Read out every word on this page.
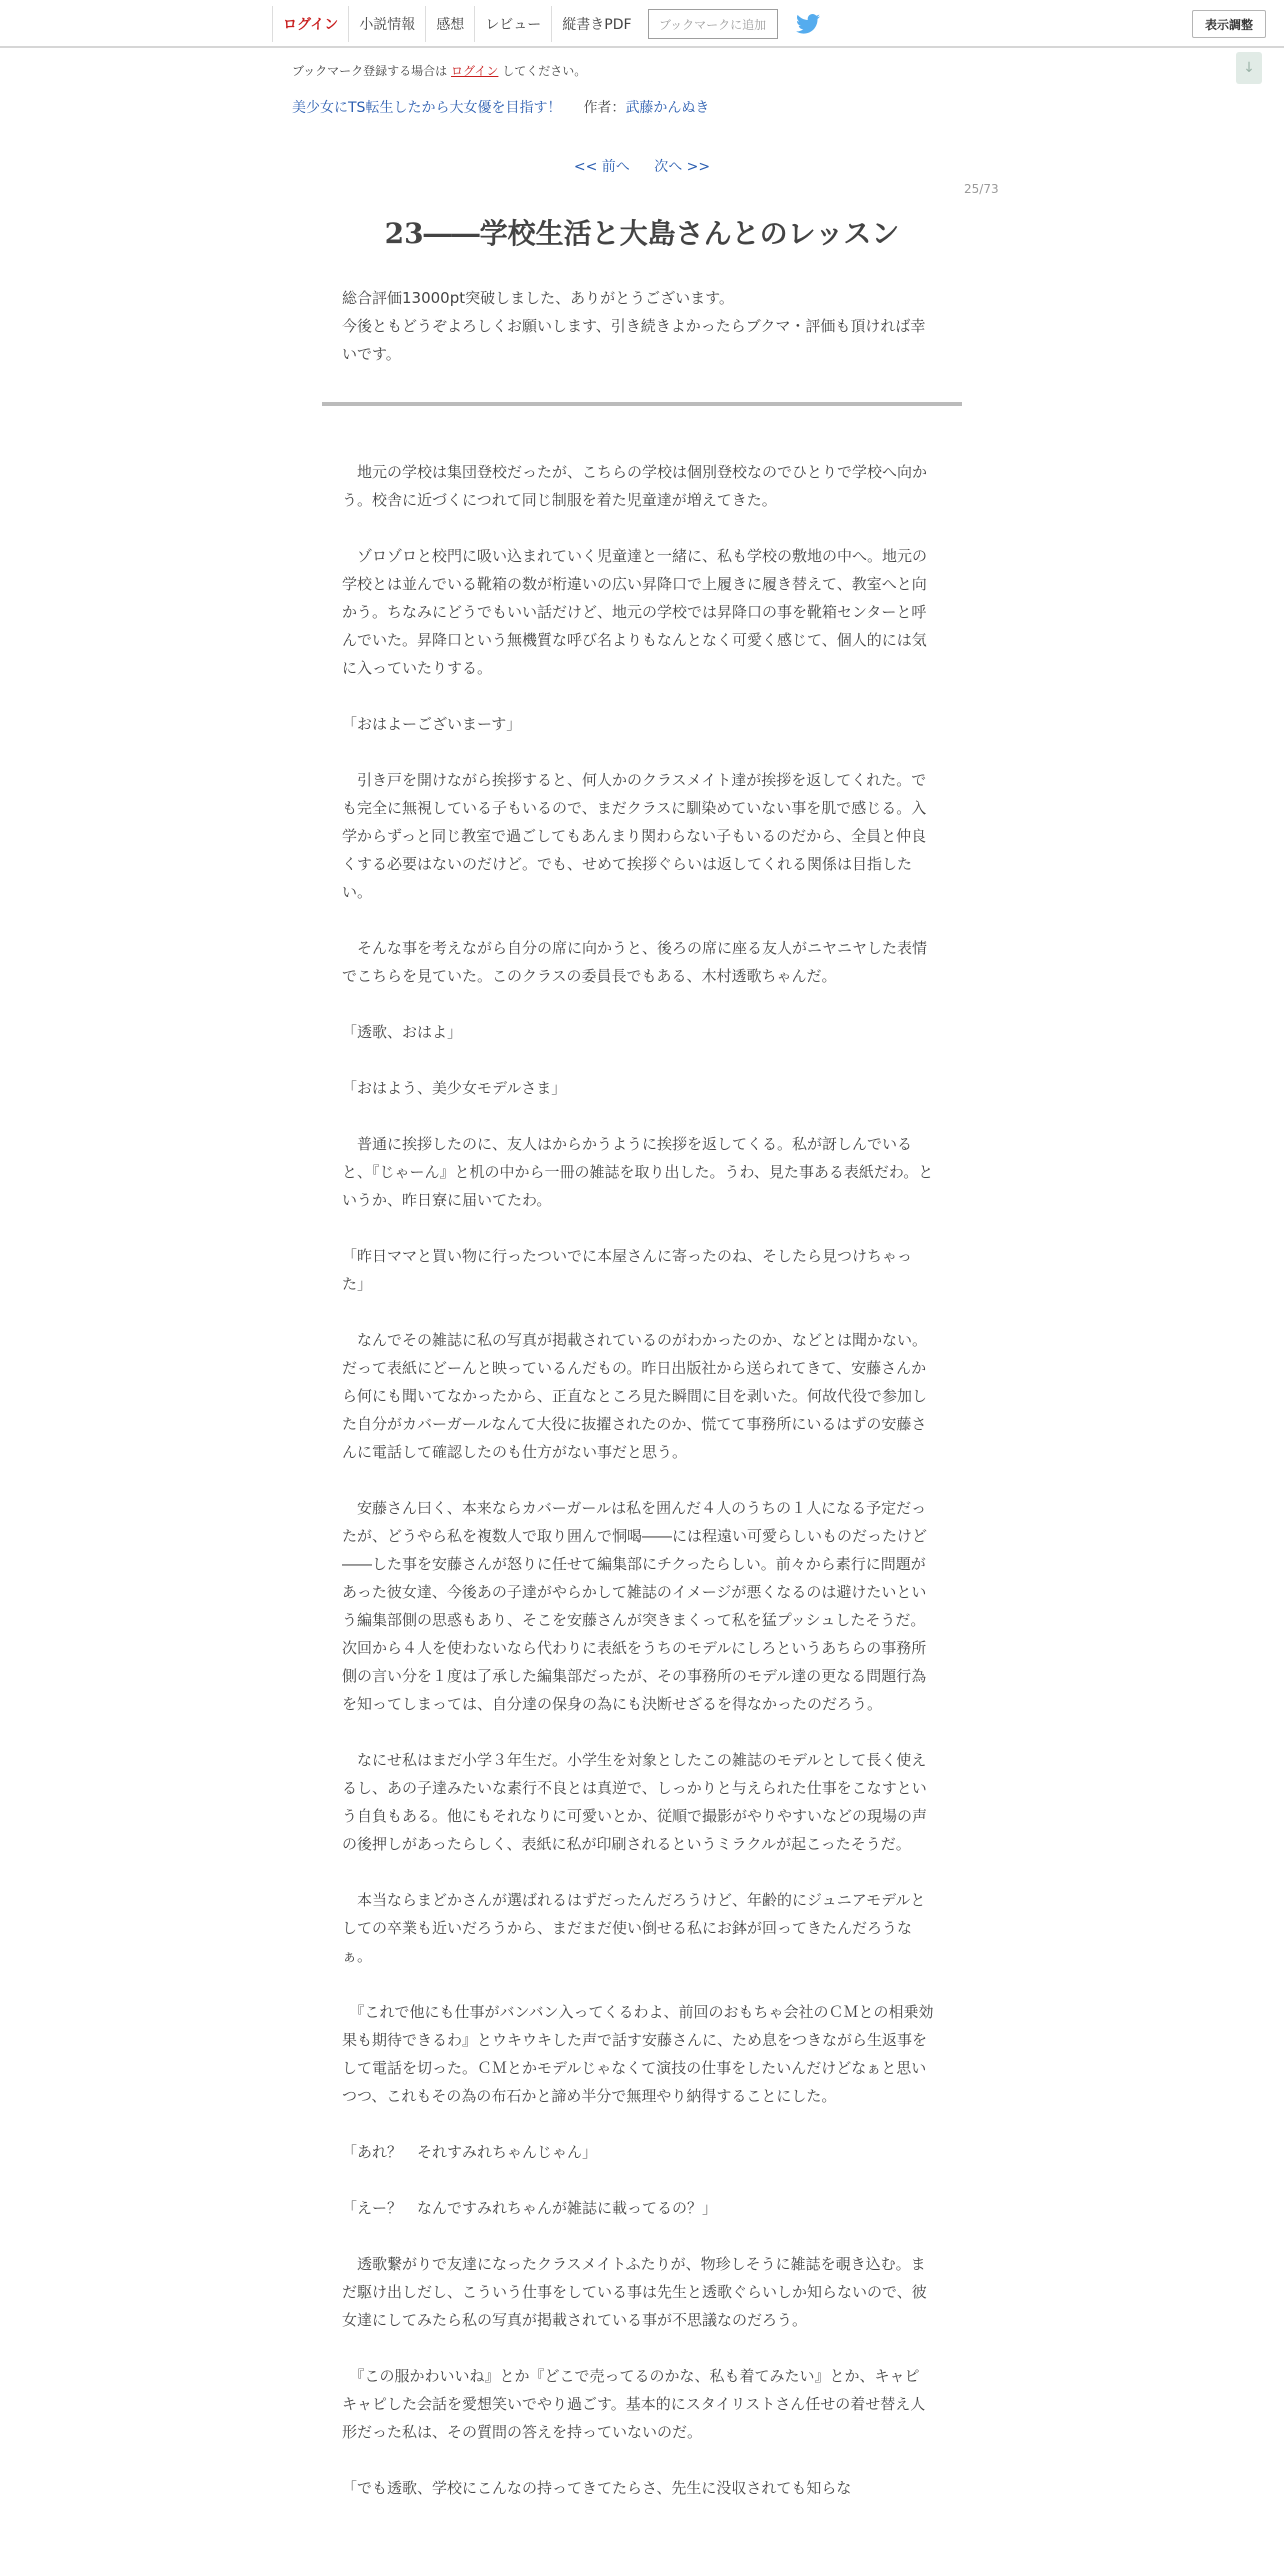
ログイン	小説情報	感想	レビュー	縦書きPDF	ブックマークに追加	表示調整
↓
ブックマーク登録する場合は ログイン してください。
美少女にTS転生したから大女優を目指す！ 作者： 武藤かんぬき
<< 前へ 次へ >>
25/73
23――学校生活と大島さんとのレッスン

総合評価13000pt突破しました、ありがとうございます。

今後ともどうぞよろしくお願いします、引き続きよかったらブクマ・評価も頂ければ幸いです。

　地元の学校は集団登校だったが、こちらの学校は個別登校なのでひとりで学校へ向かう。校舎に近づくにつれて同じ制服を着た児童達が増えてきた。

　ゾロゾロと校門に吸い込まれていく児童達と一緒に、私も学校の敷地の中へ。地元の学校とは並んでいる靴箱の数が桁違いの広い昇降口で上履きに履き替えて、教室へと向かう。ちなみにどうでもいい話だけど、地元の学校では昇降口の事を靴箱センターと呼んでいた。昇降口という無機質な呼び名よりもなんとなく可愛く感じて、個人的には気に入っていたりする。

「おはよーございまーす」

　引き戸を開けながら挨拶すると、何人かのクラスメイト達が挨拶を返してくれた。でも完全に無視している子もいるので、まだクラスに馴染めていない事を肌で感じる。入学からずっと同じ教室で過ごしてもあんまり関わらない子もいるのだから、全員と仲良くする必要はないのだけど。でも、せめて挨拶ぐらいは返してくれる関係は目指したい。

　そんな事を考えながら自分の席に向かうと、後ろの席に座る友人がニヤニヤした表情でこちらを見ていた。このクラスの委員長でもある、木村透歌ちゃんだ。

「透歌、おはよ」

「おはよう、美少女モデルさま」

　普通に挨拶したのに、友人はからかうように挨拶を返してくる。私が訝しんでいると、『じゃーん』と机の中から一冊の雑誌を取り出した。うわ、見た事ある表紙だわ。というか、昨日寮に届いてたわ。

「昨日ママと買い物に行ったついでに本屋さんに寄ったのね、そしたら見つけちゃった」

　なんでその雑誌に私の写真が掲載されているのがわかったのか、などとは聞かない。だって表紙にどーんと映っているんだもの。昨日出版社から送られてきて、安藤さんから何にも聞いてなかったから、正直なところ見た瞬間に目を剥いた。何故代役で参加した自分がカバーガールなんて大役に抜擢されたのか、慌てて事務所にいるはずの安藤さんに電話して確認したのも仕方がない事だと思う。

　安藤さん曰く、本来ならカバーガールは私を囲んだ４人のうちの１人になる予定だったが、どうやら私を複数人で取り囲んで恫喝――には程遠い可愛らしいものだったけど――した事を安藤さんが怒りに任せて編集部にチクったらしい。前々から素行に問題があった彼女達、今後あの子達がやらかして雑誌のイメージが悪くなるのは避けたいという編集部側の思惑もあり、そこを安藤さんが突きまくって私を猛プッシュしたそうだ。次回から４人を使わないなら代わりに表紙をうちのモデルにしろというあちらの事務所側の言い分を１度は了承した編集部だったが、その事務所のモデル達の更なる問題行為を知ってしまっては、自分達の保身の為にも決断せざるを得なかったのだろう。

　なにせ私はまだ小学３年生だ。小学生を対象としたこの雑誌のモデルとして長く使えるし、あの子達みたいな素行不良とは真逆で、しっかりと与えられた仕事をこなすという自負もある。他にもそれなりに可愛いとか、従順で撮影がやりやすいなどの現場の声の後押しがあったらしく、表紙に私が印刷されるというミラクルが起こったそうだ。

　本当ならまどかさんが選ばれるはずだったんだろうけど、年齢的にジュニアモデルとしての卒業も近いだろうから、まだまだ使い倒せる私にお鉢が回ってきたんだろうなぁ。

　『これで他にも仕事がバンバン入ってくるわよ、前回のおもちゃ会社のＣＭとの相乗効果も期待できるわ』とウキウキした声で話す安藤さんに、ため息をつきながら生返事をして電話を切った。ＣＭとかモデルじゃなくて演技の仕事をしたいんだけどなぁと思いつつ、これもその為の布石かと諦め半分で無理やり納得することにした。

「あれ？　それすみれちゃんじゃん」

「えー？　なんですみれちゃんが雑誌に載ってるの？」

　透歌繋がりで友達になったクラスメイトふたりが、物珍しそうに雑誌を覗き込む。まだ駆け出しだし、こういう仕事をしている事は先生と透歌ぐらいしか知らないので、彼女達にしてみたら私の写真が掲載されている事が不思議なのだろう。

　『この服かわいいね』とか『どこで売ってるのかな、私も着てみたい』とか、キャピキャピした会話を愛想笑いでやり過ごす。基本的にスタイリストさん任せの着せ替え人形だった私は、その質問の答えを持っていないのだ。

「でも透歌、学校にこんなの持ってきてたらさ、先生に没収されても知らな
